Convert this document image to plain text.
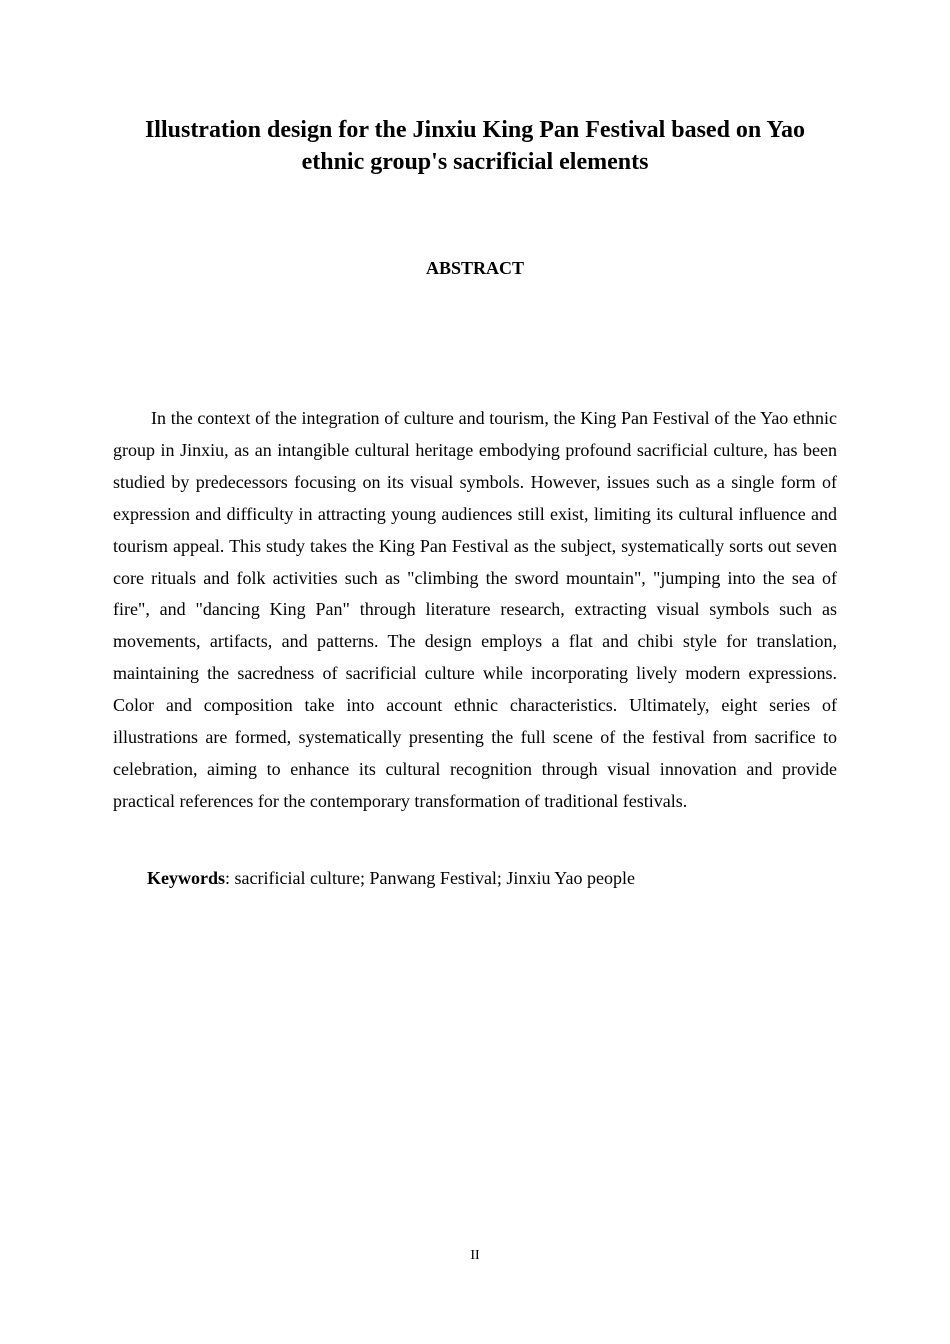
Illustration design for the Jinxiu King Pan Festival based on Yao
ethnic group's sacrificial elements
ABSTRACT

In the context of the integration of culture and tourism, the King Pan Festival of the Yao ethnic group in Jinxiu, as an intangible cultural heritage embodying profound sacrificial culture, has been studied by predecessors focusing on its visual symbols. However, issues such as a single form of expression and difficulty in attracting young audiences still exist, limiting its cultural influence and tourism appeal. This study takes the King Pan Festival as the subject, systematically sorts out seven core rituals and folk activities such as "climbing the sword mountain", "jumping into the sea of fire", and "dancing King Pan" through literature research, extracting visual symbols such as movements, artifacts, and patterns. The design employs a flat and chibi style for translation, maintaining the sacredness of sacrificial culture while incorporating lively modern expressions. Color and composition take into account ethnic characteristics. Ultimately, eight series of illustrations are formed, systematically presenting the full scene of the festival from sacrifice to celebration, aiming to enhance its cultural recognition through visual innovation and provide practical references for the contemporary transformation of traditional festivals.

Keywords: sacrificial culture; Panwang Festival; Jinxiu Yao people

II
